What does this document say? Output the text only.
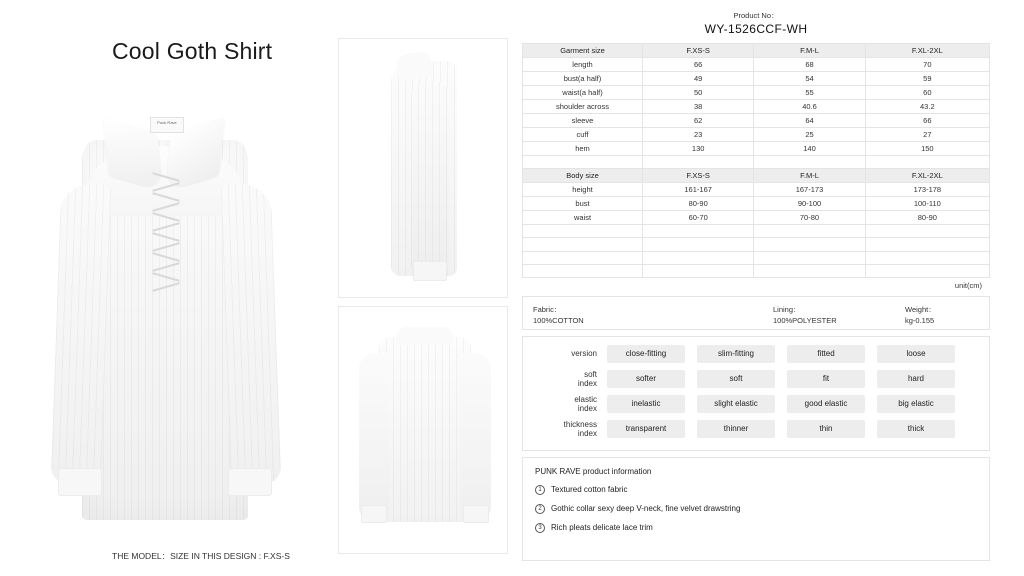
Cool Goth Shirt
Punk Rave
THE MODEL：SIZE IN THIS DESIGN : F.XS-S
Product No：
WY-1526CCF-WH
Garment size	F.XS-S	F.M-L	F.XL-2XL
length	66	68	70
bust(a half)	49	54	59
waist(a half)	50	55	60
shoulder across	38	40.6	43.2
sleeve	62	64	66
cuff	23	25	27
hem	130	140	150

Body size	F.XS-S	F.M-L	F.XL-2XL
height	161-167	167-173	173-178
bust	80-90	90-100	100-110
waist	60-70	70-80	80-90

unit(cm)
Fabric：
100%COTTON
Lining：
100%POLYESTER
Weight：
kg-0.155
version	close-fitting	slim-fitting	fitted	loose
soft
index
softer	soft	fit	hard
elastic
index
inelastic	slight elastic	good elastic	big elastic
thickness
index
transparent	thinner	thin	thick
PUNK RAVE product information
1	Textured cotton fabric
2	Gothic collar sexy deep V-neck, fine velvet drawstring
3	Rich pleats delicate lace trim
